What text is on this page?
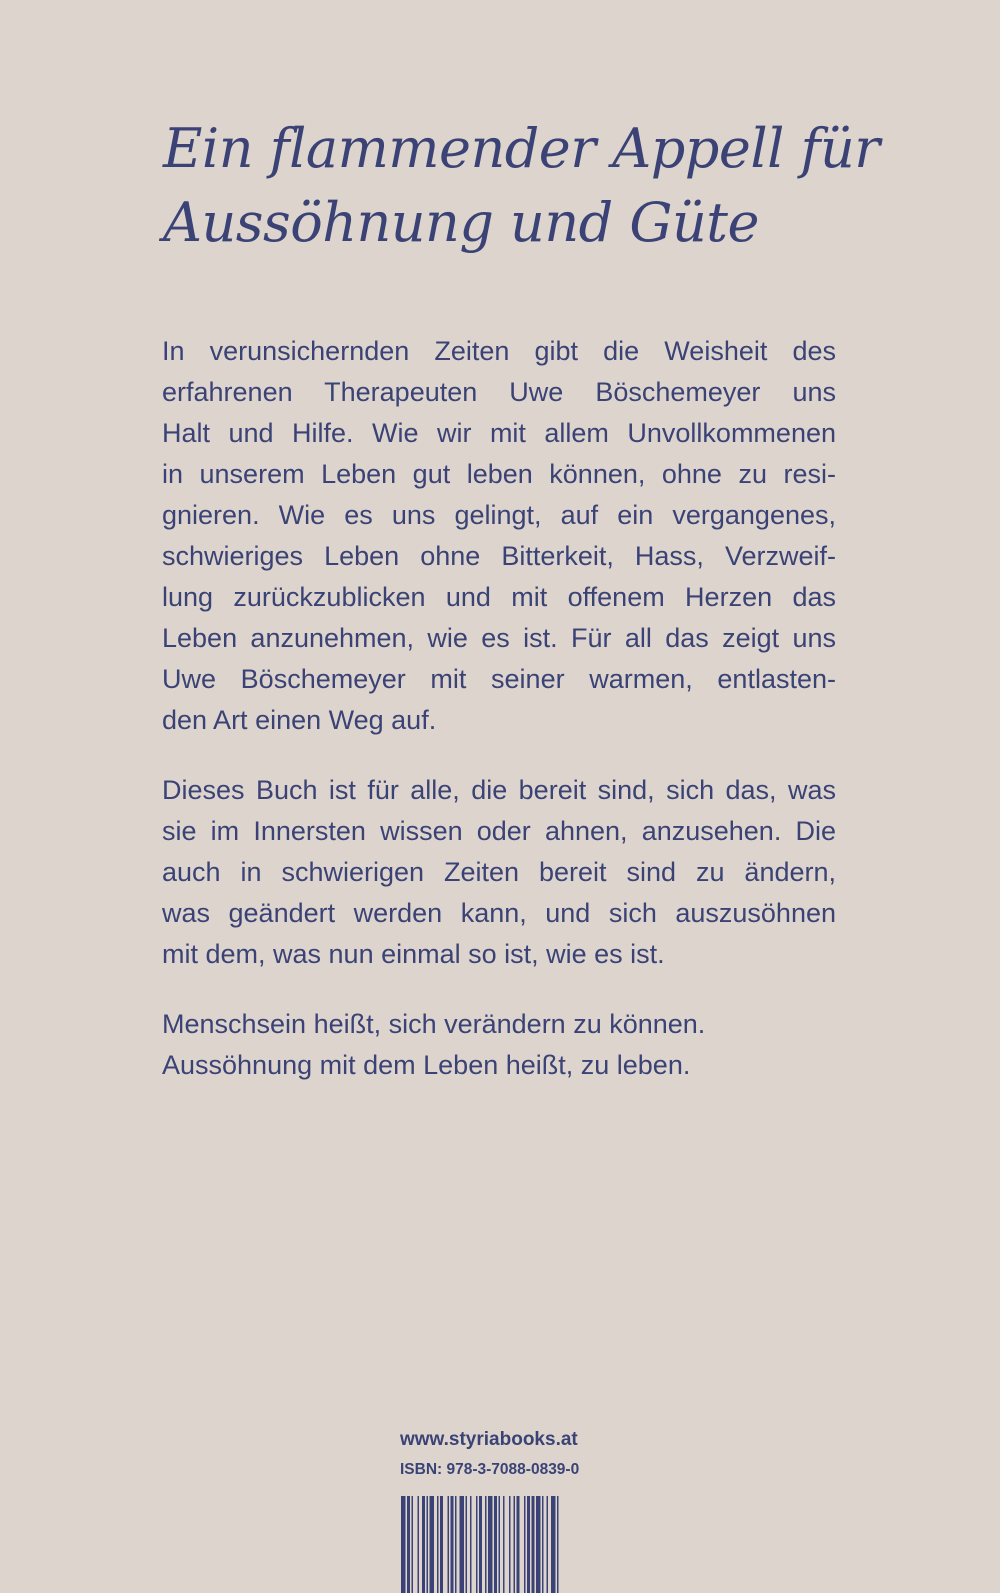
Ein flammender Appell für
Aussöhnung und Güte

In verunsichernden Zeiten gibt die Weisheit des
erfahrenen Therapeuten Uwe Böschemeyer uns
Halt und Hilfe. Wie wir mit allem Unvollkommenen
in unserem Leben gut leben können, ohne zu resi-
gnieren. Wie es uns gelingt, auf ein vergangenes,
schwieriges Leben ohne Bitterkeit, Hass, Verzweif-
lung zurückzublicken und mit offenem Herzen das
Leben anzunehmen, wie es ist. Für all das zeigt uns
Uwe Böschemeyer mit seiner warmen, entlasten-
den Art einen Weg auf.

Dieses Buch ist für alle, die bereit sind, sich das, was
sie im Innersten wissen oder ahnen, anzusehen. Die
auch in schwierigen Zeiten bereit sind zu ändern,
was geändert werden kann, und sich auszusöhnen
mit dem, was nun einmal so ist, wie es ist.

Menschsein heißt, sich verändern zu können.
Aussöhnung mit dem Leben heißt, zu leben.

www.styriabooks.at
ISBN: 978-3-7088-0839-0
